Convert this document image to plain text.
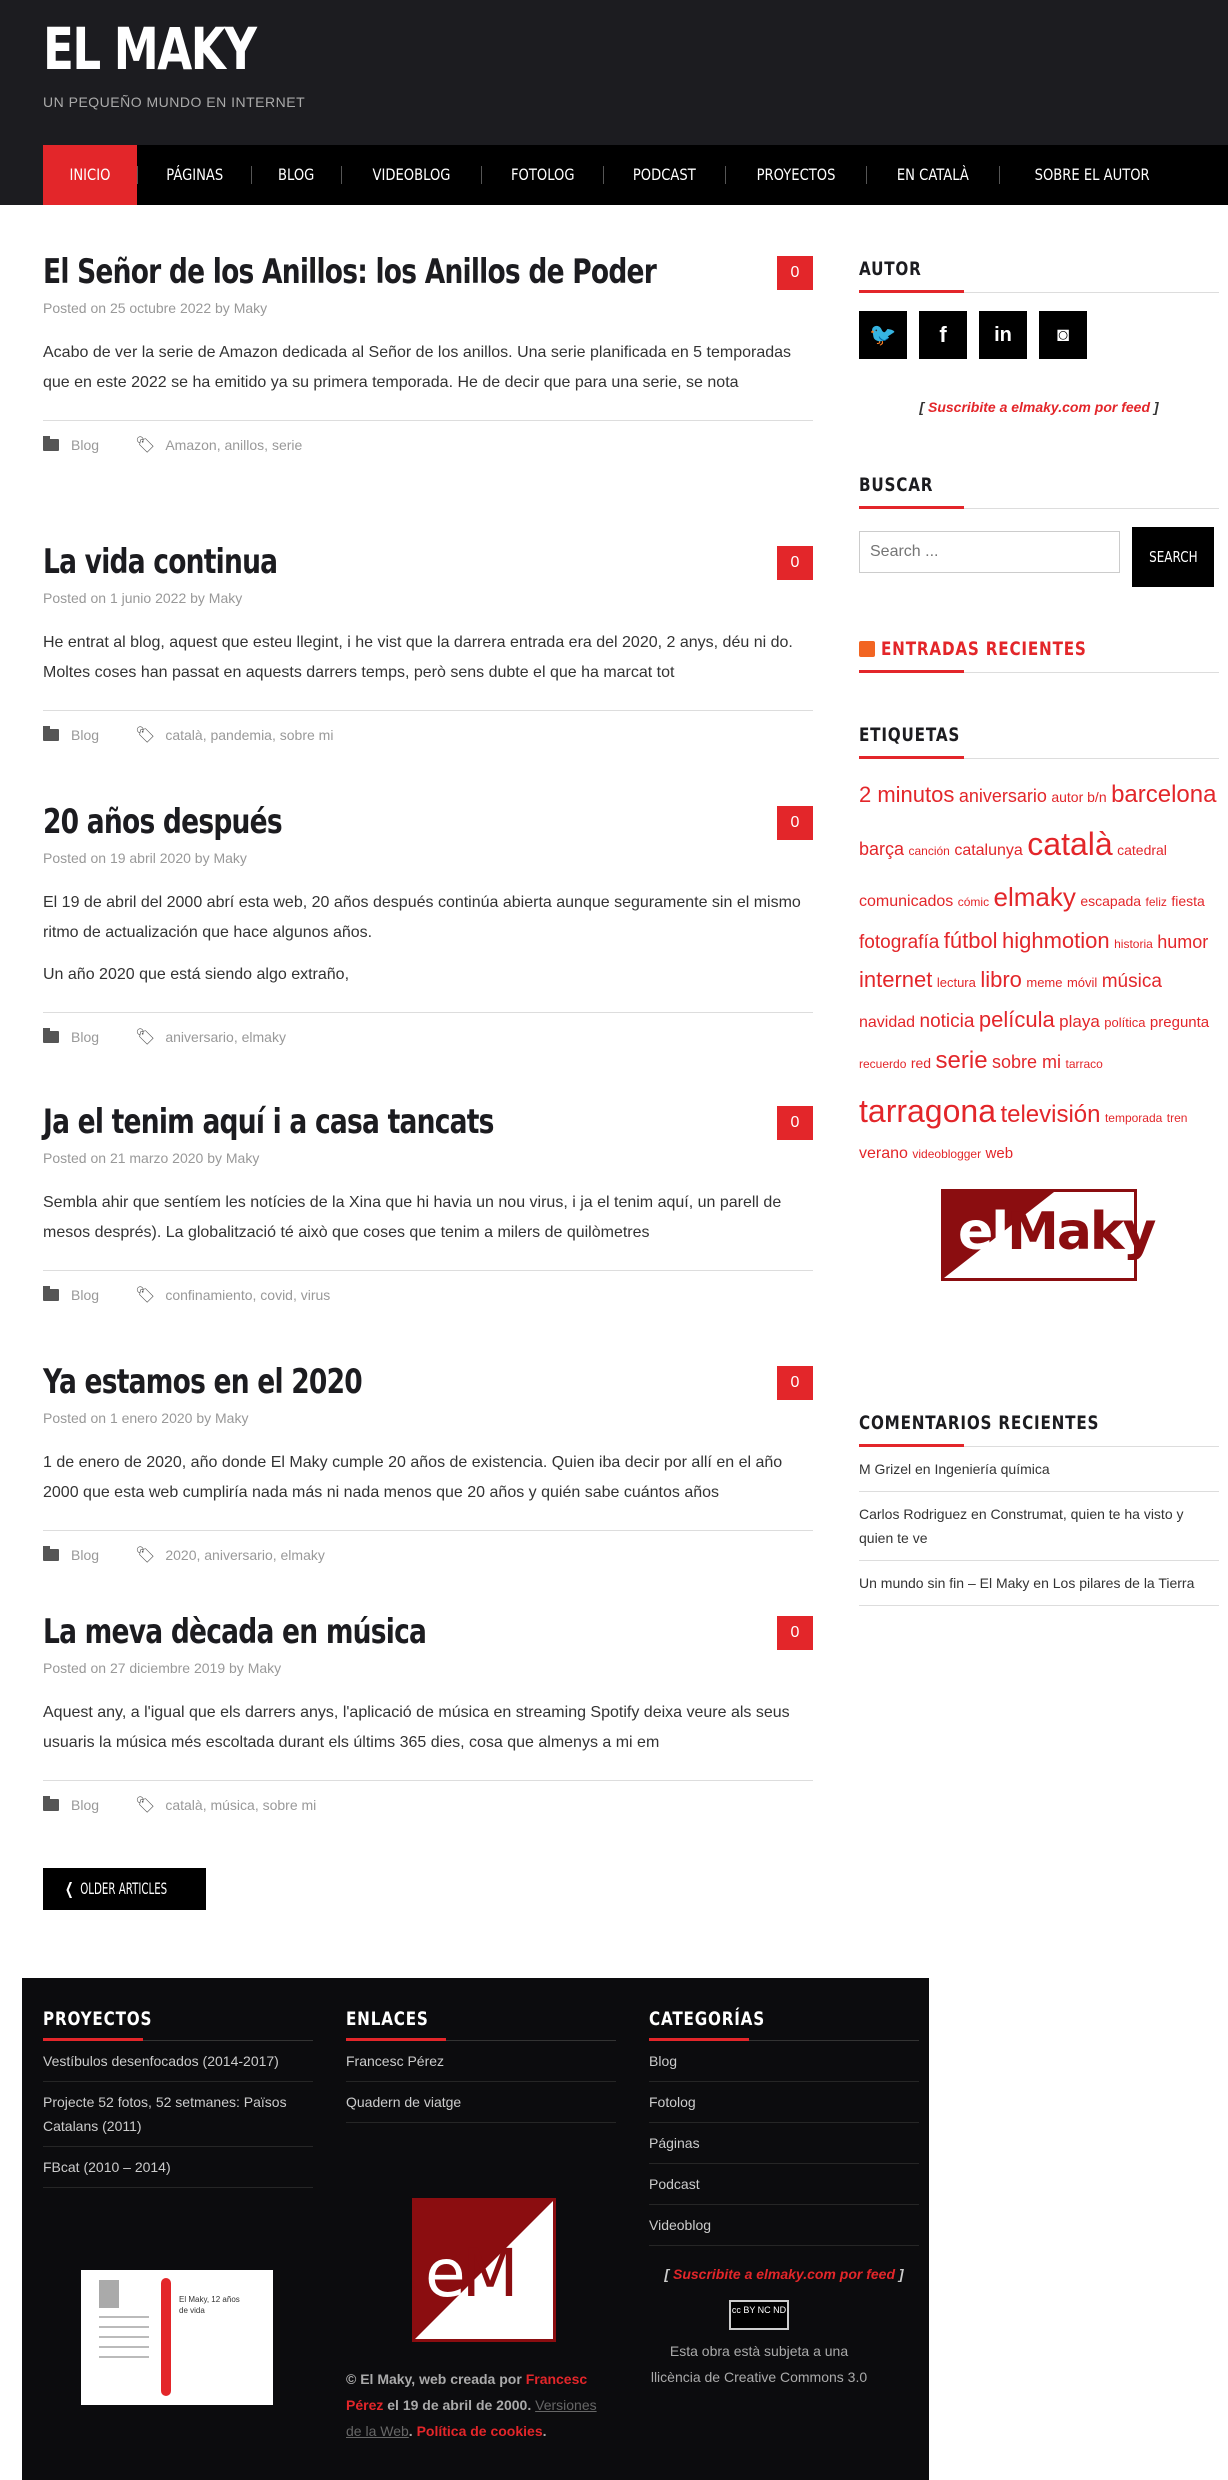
EL MAKY
UN PEQUEÑO MUNDO EN INTERNET
INICIO	PÁGINAS	BLOG	VIDEOBLOG	FOTOLOG	PODCAST	PROYECTOS	EN CATALÀ	SOBRE EL AUTOR
El Señor de los Anillos: los Anillos de Poder	0
Posted on 25 octubre 2022 by Maky

Acabo de ver la serie de Amazon dedicada al Señor de los anillos. Una serie planificada en 5 temporadas que en este 2022 se ha emitido ya su primera temporada. He de decir que para una serie, se nota

Blog 🏷 Amazon, anillos, serie
La vida continua	0
Posted on 1 junio 2022 by Maky

He entrat al blog, aquest que esteu llegint, i he vist que la darrera entrada era del 2020, 2 anys, déu ni do. Moltes coses han passat en aquests darrers temps, però sens dubte el que ha marcat tot

Blog 🏷 català, pandemia, sobre mi
20 años después	0
Posted on 19 abril 2020 by Maky

El 19 de abril del 2000 abrí esta web, 20 años después continúa abierta aunque seguramente sin el mismo ritmo de actualización que hace algunos años.

Un año 2020 que está siendo algo extraño,

Blog 🏷 aniversario, elmaky
Ja el tenim aquí i a casa tancats	0
Posted on 21 marzo 2020 by Maky

Sembla ahir que sentíem les notícies de la Xina que hi havia un nou virus, i ja el tenim aquí, un parell de mesos després). La globalització té això que coses que tenim a milers de quilòmetres

Blog 🏷 confinamiento, covid, virus
Ya estamos en el 2020	0
Posted on 1 enero 2020 by Maky

1 de enero de 2020, año donde El Maky cumple 20 años de existencia. Quien iba decir por allí en el año 2000 que esta web cumpliría nada más ni nada menos que 20 años y quién sabe cuántos años

Blog 🏷 2020, aniversario, elmaky
La meva dècada en música	0
Posted on 27 diciembre 2019 by Maky

Aquest any, a l'igual que els darrers anys, l'aplicació de música en streaming Spotify deixa veure als seus usuaris la música més escoltada durant els últims 365 dies, cosa que almenys a mi em

Blog 🏷 català, música, sobre mi
❮ OLDER ARTICLES
AUTOR
🐦	f	in	◙
[ Suscribite a elmaky.com por feed ]
BUSCAR
Search ...
SEARCH
ENTRADAS RECIENTES
ETIQUETAS
2 minutos aniversario autor b/n barcelona barça canción catalunya català catedral comunicados cómic elmaky escapada feliz fiesta fotografía fútbol highmotion historia humor internet lectura libro meme móvil música navidad noticia película playa política pregunta recuerdo red serie sobre mi tarraco tarragona televisión temporada tren verano videoblogger web
elMaky
COMENTARIOS RECIENTES
M Grizel en Ingeniería química
Carlos Rodriguez en Construmat, quien te ha visto y quien te ve
Un mundo sin fin – El Maky en Los pilares de la Tierra
PROYECTOS
Vestíbulos desenfocados (2014-2017)
Projecte 52 fotos, 52 setmanes: Països Catalans (2011)
FBcat (2010 – 2014)
El Maky, 12 años de vida
ENLACES
Francesc Pérez
Quadern de viatge
eM
© El Maky, web creada por Francesc Pérez el 19 de abril de 2000. Versiones de la Web. Política de cookies.
CATEGORÍAS
Blog
Fotolog
Páginas
Podcast
Videoblog
[ Suscribite a elmaky.com por feed ]
cc BY NC ND
Esta obra està subjeta a una llicència de Creative Commons 3.0
